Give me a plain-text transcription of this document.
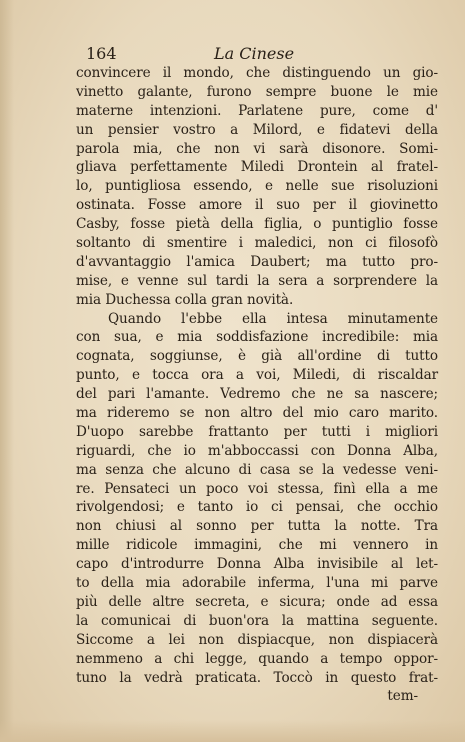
164	La Cinese
convincere il mondo, che distinguendo un gio-
vinetto galante, furono sempre buone le mie
materne intenzioni. Parlatene pure, come d'
un pensier vostro a Milord, e fidatevi della
parola mia, che non vi sarà disonore. Somi-
gliava perfettamente Miledi Drontein al fratel-
lo, puntigliosa essendo, e nelle sue risoluzioni
ostinata. Fosse amore il suo per il giovinetto
Casby, fosse pietà della figlia, o puntiglio fosse
soltanto di smentire i maledici, non ci filosofò
d'avvantaggio l'amica Daubert; ma tutto pro-
mise, e venne sul tardi la sera a sorprendere la
mia Duchessa colla gran novità.
Quando l'ebbe ella intesa minutamente
con sua, e mia soddisfazione incredibile: mia
cognata, soggiunse, è già all'ordine di tutto
punto, e tocca ora a voi, Miledi, di riscaldar
del pari l'amante. Vedremo che ne sa nascere;
ma rideremo se non altro del mio caro marito.
D'uopo sarebbe frattanto per tutti i migliori
riguardi, che io m'abboccassi con Donna Alba,
ma senza che alcuno di casa se la vedesse veni-
re. Pensateci un poco voi stessa, finì ella a me
rivolgendosi; e tanto io ci pensai, che occhio
non chiusi al sonno per tutta la notte. Tra
mille ridicole immagini, che mi vennero in
capo d'introdurre Donna Alba invisibile al let-
to della mia adorabile inferma, l'una mi parve
più delle altre secreta, e sicura; onde ad essa
la comunicai di buon'ora la mattina seguente.
Siccome a lei non dispiacque, non dispiacerà
nemmeno a chi legge, quando a tempo oppor-
tuno la vedrà praticata. Toccò in questo frat-
tem-
